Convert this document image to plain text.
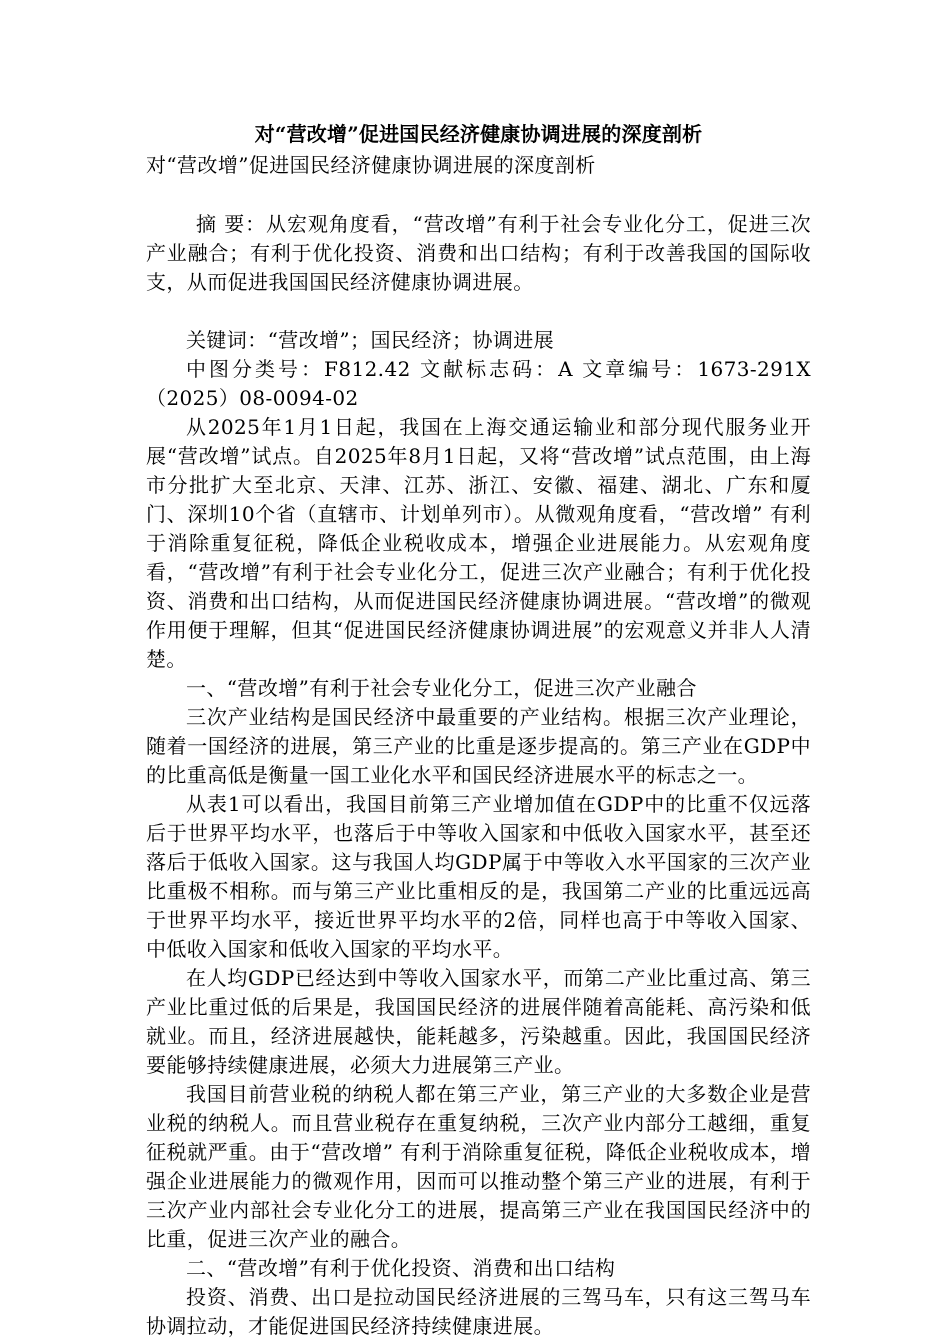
对“营改增”促进国民经济健康协调进展的深度剖析

对“营改增”促进国民经济健康协调进展的深度剖析

摘 要：从宏观角度看，“营改增”有利于社会专业化分工，促进三次产业融合；有利于优化投资、消费和出口结构；有利于改善我国的国际收支，从而促进我国国民经济健康协调进展。

关键词：“营改增”；国民经济；协调进展

中图分类号：F812.42 文献标志码：A 文章编号：1673-291X（2025）08-0094-02

从2025年1月1日起，我国在上海交通运输业和部分现代服务业开展“营改增”试点。自2025年8月1日起，又将“营改增”试点范围，由上海市分批扩大至北京、天津、江苏、浙江、安徽、福建、湖北、广东和厦门、深圳10个省（直辖市、计划单列市）。从微观角度看，“营改增” 有利于消除重复征税，降低企业税收成本，增强企业进展能力。从宏观角度看，“营改增”有利于社会专业化分工，促进三次产业融合；有利于优化投资、消费和出口结构，从而促进国民经济健康协调进展。“营改增”的微观作用便于理解，但其“促进国民经济健康协调进展”的宏观意义并非人人清楚。

一、“营改增”有利于社会专业化分工，促进三次产业融合

三次产业结构是国民经济中最重要的产业结构。根据三次产业理论，随着一国经济的进展，第三产业的比重是逐步提高的。第三产业在GDP中的比重高低是衡量一国工业化水平和国民经济进展水平的标志之一。

从表1可以看出，我国目前第三产业增加值在GDP中的比重不仅远落后于世界平均水平，也落后于中等收入国家和中低收入国家水平，甚至还落后于低收入国家。这与我国人均GDP属于中等收入水平国家的三次产业比重极不相称。而与第三产业比重相反的是，我国第二产业的比重远远高于世界平均水平，接近世界平均水平的2倍，同样也高于中等收入国家、中低收入国家和低收入国家的平均水平。

在人均GDP已经达到中等收入国家水平，而第二产业比重过高、第三产业比重过低的后果是，我国国民经济的进展伴随着高能耗、高污染和低就业。而且，经济进展越快，能耗越多，污染越重。因此，我国国民经济要能够持续健康进展，必须大力进展第三产业。

我国目前营业税的纳税人都在第三产业，第三产业的大多数企业是营业税的纳税人。而且营业税存在重复纳税，三次产业内部分工越细，重复征税就严重。由于“营改增” 有利于消除重复征税，降低企业税收成本，增强企业进展能力的微观作用，因而可以推动整个第三产业的进展，有利于三次产业内部社会专业化分工的进展，提高第三产业在我国国民经济中的比重，促进三次产业的融合。

二、“营改增”有利于优化投资、消费和出口结构

投资、消费、出口是拉动国民经济进展的三驾马车，只有这三驾马车协调拉动，才能促进国民经济持续健康进展。
